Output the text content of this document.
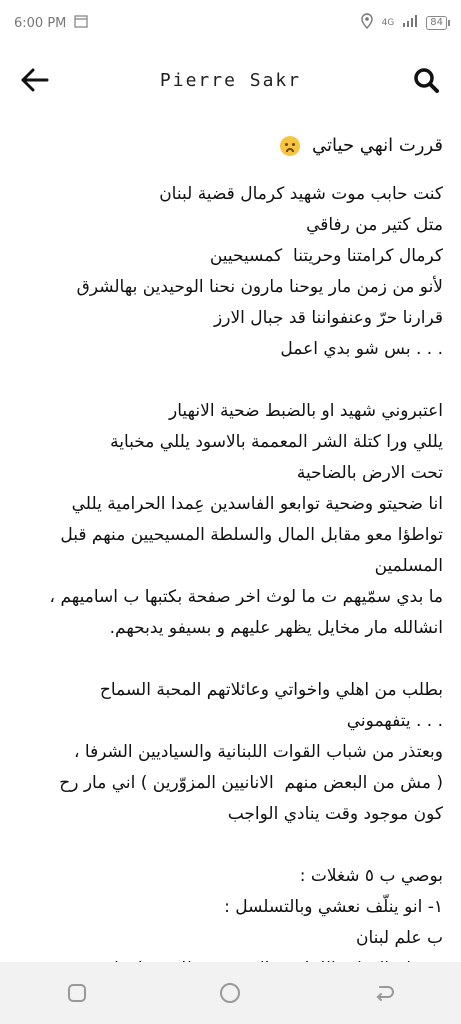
6:00 PM	4G	84
Pierre Sakr
قررت انهي حياتي

كنت حابب موت شهيد كرمال قضية لبنان

متل كتير من رفاقي

كرمال كرامتنا وحريتنا  كمسيحيين

لأنو من زمن مار يوحنا مارون نحنا الوحيدين بهالشرق

قرارنا حرّ وعنفواننا قد جبال الارز

. . . بس شو بدي اعمل

اعتبروني شهيد او بالضبط ضحية الانهيار

يللي ورا كتلة الشر المعممة بالاسود يللي مخباية

تحت الارض بالضاحية

انا ضحيتو وضحية توابعو الفاسدين عِمدا الحرامية يللي

تواطؤا معو مقابل المال والسلطة المسيحيين منهم قبل

المسلمين

ما بدي سمّيهم ت ما لوث اخر صفحة بكتبها ب اساميهم ،

انشالله مار مخايل يظهر عليهم و بسيفو يدبحهم.

بطلب من اهلي واخواتي وعائلاتهم المحبة السماح

. . . يتفهموني

وبعتذر من شباب القوات اللبنانية والسياديين الشرفا ،

( مش من البعض منهم  الانانيين المزوّرين ) اني مار رح

كون موجود وقت ينادي الواجب

بوصي ب ٥ شغلات :

١- انو ينلّف نعشي وبالتسلسل :

ب علم لبنان
